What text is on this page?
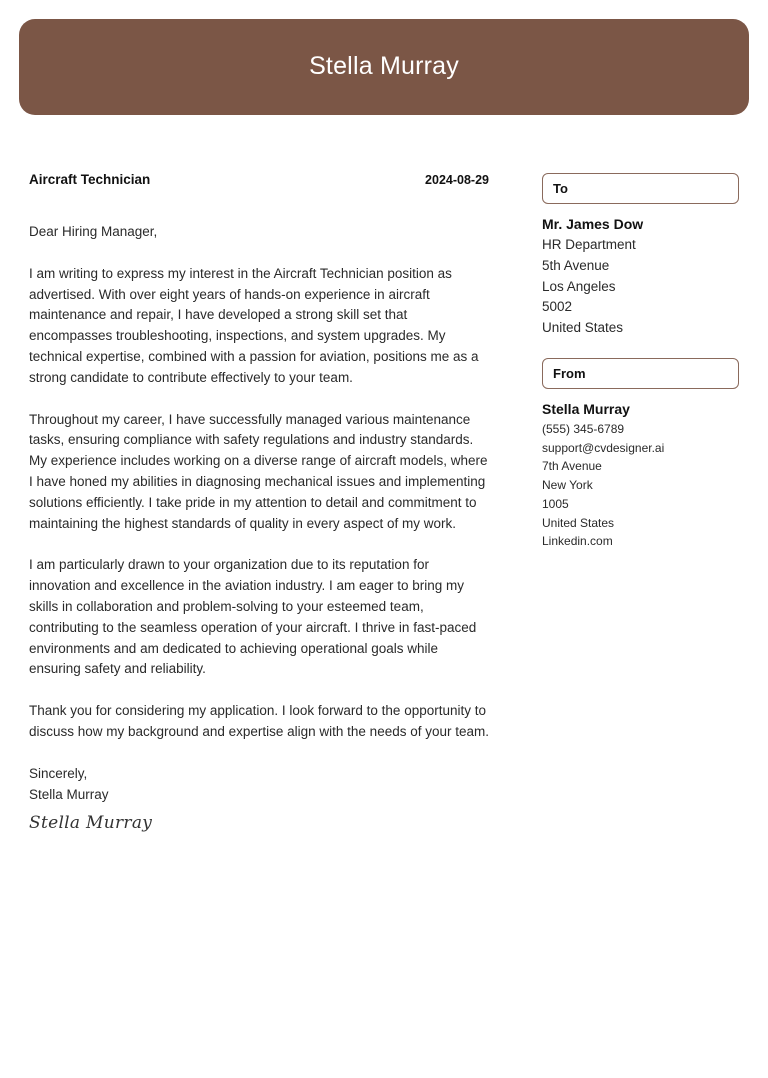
Stella Murray
Aircraft Technician	2024-08-29
Dear Hiring Manager,
I am writing to express my interest in the Aircraft Technician position as advertised. With over eight years of hands-on experience in aircraft maintenance and repair, I have developed a strong skill set that encompasses troubleshooting, inspections, and system upgrades. My technical expertise, combined with a passion for aviation, positions me as a strong candidate to contribute effectively to your team.
Throughout my career, I have successfully managed various maintenance tasks, ensuring compliance with safety regulations and industry standards. My experience includes working on a diverse range of aircraft models, where I have honed my abilities in diagnosing mechanical issues and implementing solutions efficiently. I take pride in my attention to detail and commitment to maintaining the highest standards of quality in every aspect of my work.
I am particularly drawn to your organization due to its reputation for innovation and excellence in the aviation industry. I am eager to bring my skills in collaboration and problem-solving to your esteemed team, contributing to the seamless operation of your aircraft. I thrive in fast-paced environments and am dedicated to achieving operational goals while ensuring safety and reliability.
Thank you for considering my application. I look forward to the opportunity to discuss how my background and expertise align with the needs of your team.
Sincerely,
Stella Murray
Stella Murray
To
Mr. James Dow
HR Department
5th Avenue
Los Angeles
5002
United States
From
Stella Murray
(555) 345-6789
support@cvdesigner.ai
7th Avenue
New York
1005
United States
Linkedin.com
